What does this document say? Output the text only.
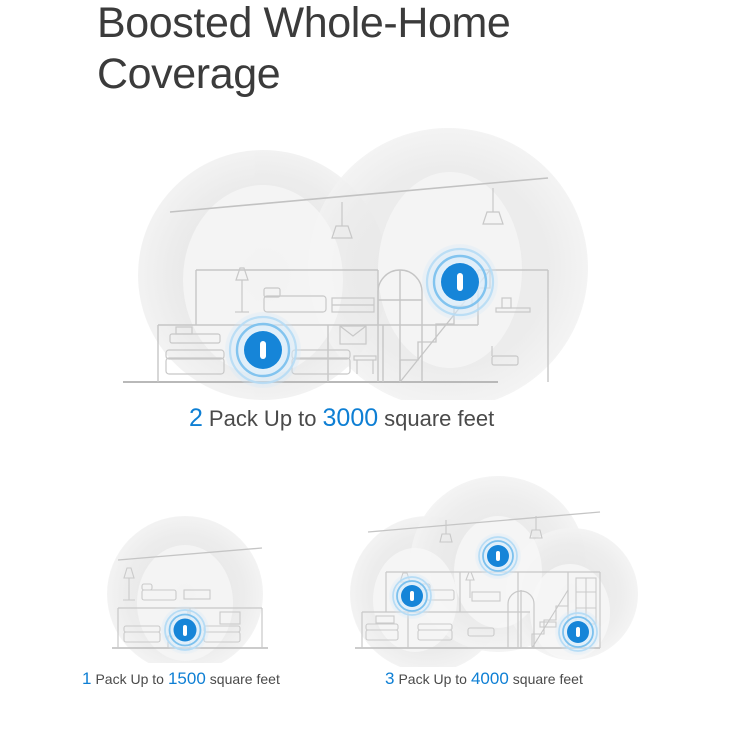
Boosted Whole-Home
Coverage
2 Pack Up to 3000 square feet
1 Pack Up to 1500 square feet	3 Pack Up to 4000 square feet
